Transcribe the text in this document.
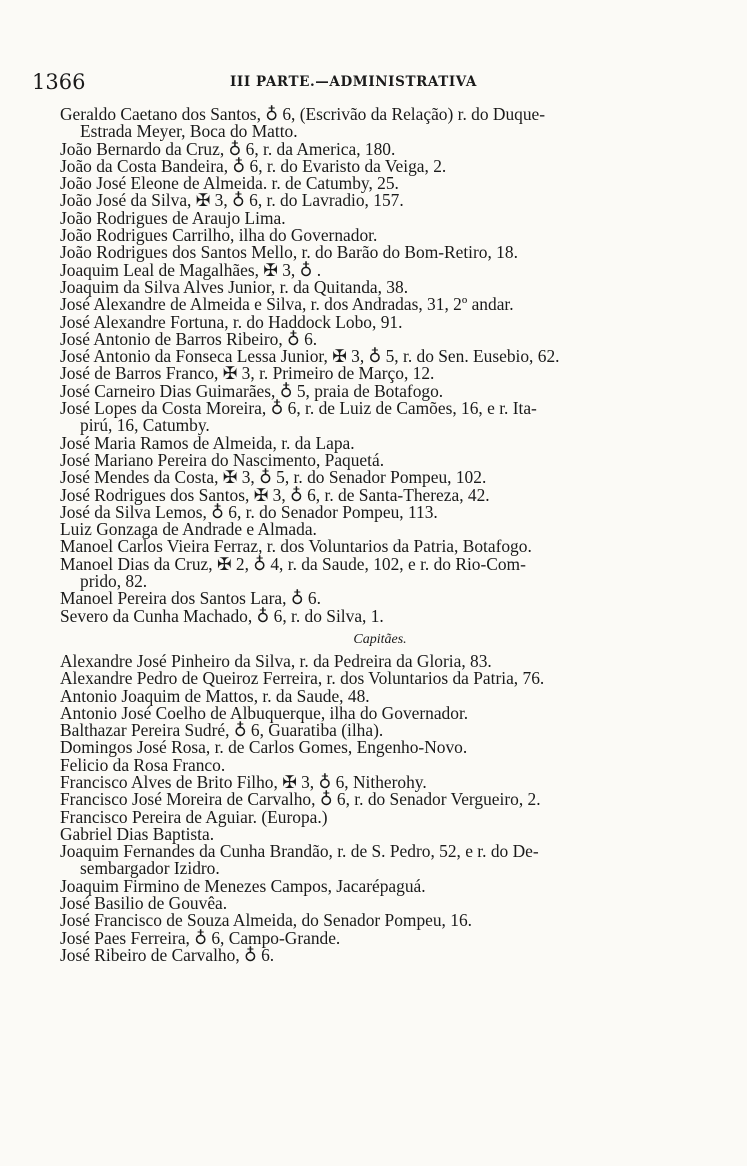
1366	III PARTE.—ADMINISTRATIVA

Geraldo Caetano dos Santos, ♁ 6, (Escrivão da Relação) r. do Duque-
Estrada Meyer, Boca do Matto.

João Bernardo da Cruz, ♁ 6, r. da America, 180.

João da Costa Bandeira, ♁ 6, r. do Evaristo da Veiga, 2.

João José Eleone de Almeida. r. de Catumby, 25.

João José da Silva, ✠ 3, ♁ 6, r. do Lavradio, 157.

João Rodrigues de Araujo Lima.

João Rodrigues Carrilho, ilha do Governador.

João Rodrigues dos Santos Mello, r. do Barão do Bom-Retiro, 18.

Joaquim Leal de Magalhães, ✠ 3, ♁ .

Joaquim da Silva Alves Junior, r. da Quitanda, 38.

José Alexandre de Almeida e Silva, r. dos Andradas, 31, 2º andar.

José Alexandre Fortuna, r. do Haddock Lobo, 91.

José Antonio de Barros Ribeiro, ♁ 6.

José Antonio da Fonseca Lessa Junior, ✠ 3, ♁ 5, r. do Sen. Eusebio, 62.

José de Barros Franco, ✠ 3, r. Primeiro de Março, 12.

José Carneiro Dias Guimarães, ♁ 5, praia de Botafogo.

José Lopes da Costa Moreira, ♁ 6, r. de Luiz de Camões, 16, e r. Ita-
pirú, 16, Catumby.

José Maria Ramos de Almeida, r. da Lapa.

José Mariano Pereira do Nascimento, Paquetá.

José Mendes da Costa, ✠ 3, ♁ 5, r. do Senador Pompeu, 102.

José Rodrigues dos Santos, ✠ 3, ♁ 6, r. de Santa-Thereza, 42.

José da Silva Lemos, ♁ 6, r. do Senador Pompeu, 113.

Luiz Gonzaga de Andrade e Almada.

Manoel Carlos Vieira Ferraz, r. dos Voluntarios da Patria, Botafogo.

Manoel Dias da Cruz, ✠ 2, ♁ 4, r. da Saude, 102, e r. do Rio-Com-
prido, 82.

Manoel Pereira dos Santos Lara, ♁ 6.

Severo da Cunha Machado, ♁ 6, r. do Silva, 1.

Capitães.

Alexandre José Pinheiro da Silva, r. da Pedreira da Gloria, 83.

Alexandre Pedro de Queiroz Ferreira, r. dos Voluntarios da Patria, 76.

Antonio Joaquim de Mattos, r. da Saude, 48.

Antonio José Coelho de Albuquerque, ilha do Governador.

Balthazar Pereira Sudré, ♁ 6, Guaratiba (ilha).

Domingos José Rosa, r. de Carlos Gomes, Engenho-Novo.

Felicio da Rosa Franco.

Francisco Alves de Brito Filho, ✠ 3, ♁ 6, Nitherohy.

Francisco José Moreira de Carvalho, ♁ 6, r. do Senador Vergueiro, 2.

Francisco Pereira de Aguiar. (Europa.)

Gabriel Dias Baptista.

Joaquim Fernandes da Cunha Brandão, r. de S. Pedro, 52, e r. do De-
sembargador Izidro.

Joaquim Firmino de Menezes Campos, Jacarépaguá.

José Basilio de Gouvêa.

José Francisco de Souza Almeida, do Senador Pompeu, 16.

José Paes Ferreira, ♁ 6, Campo-Grande.

José Ribeiro de Carvalho, ♁ 6.
